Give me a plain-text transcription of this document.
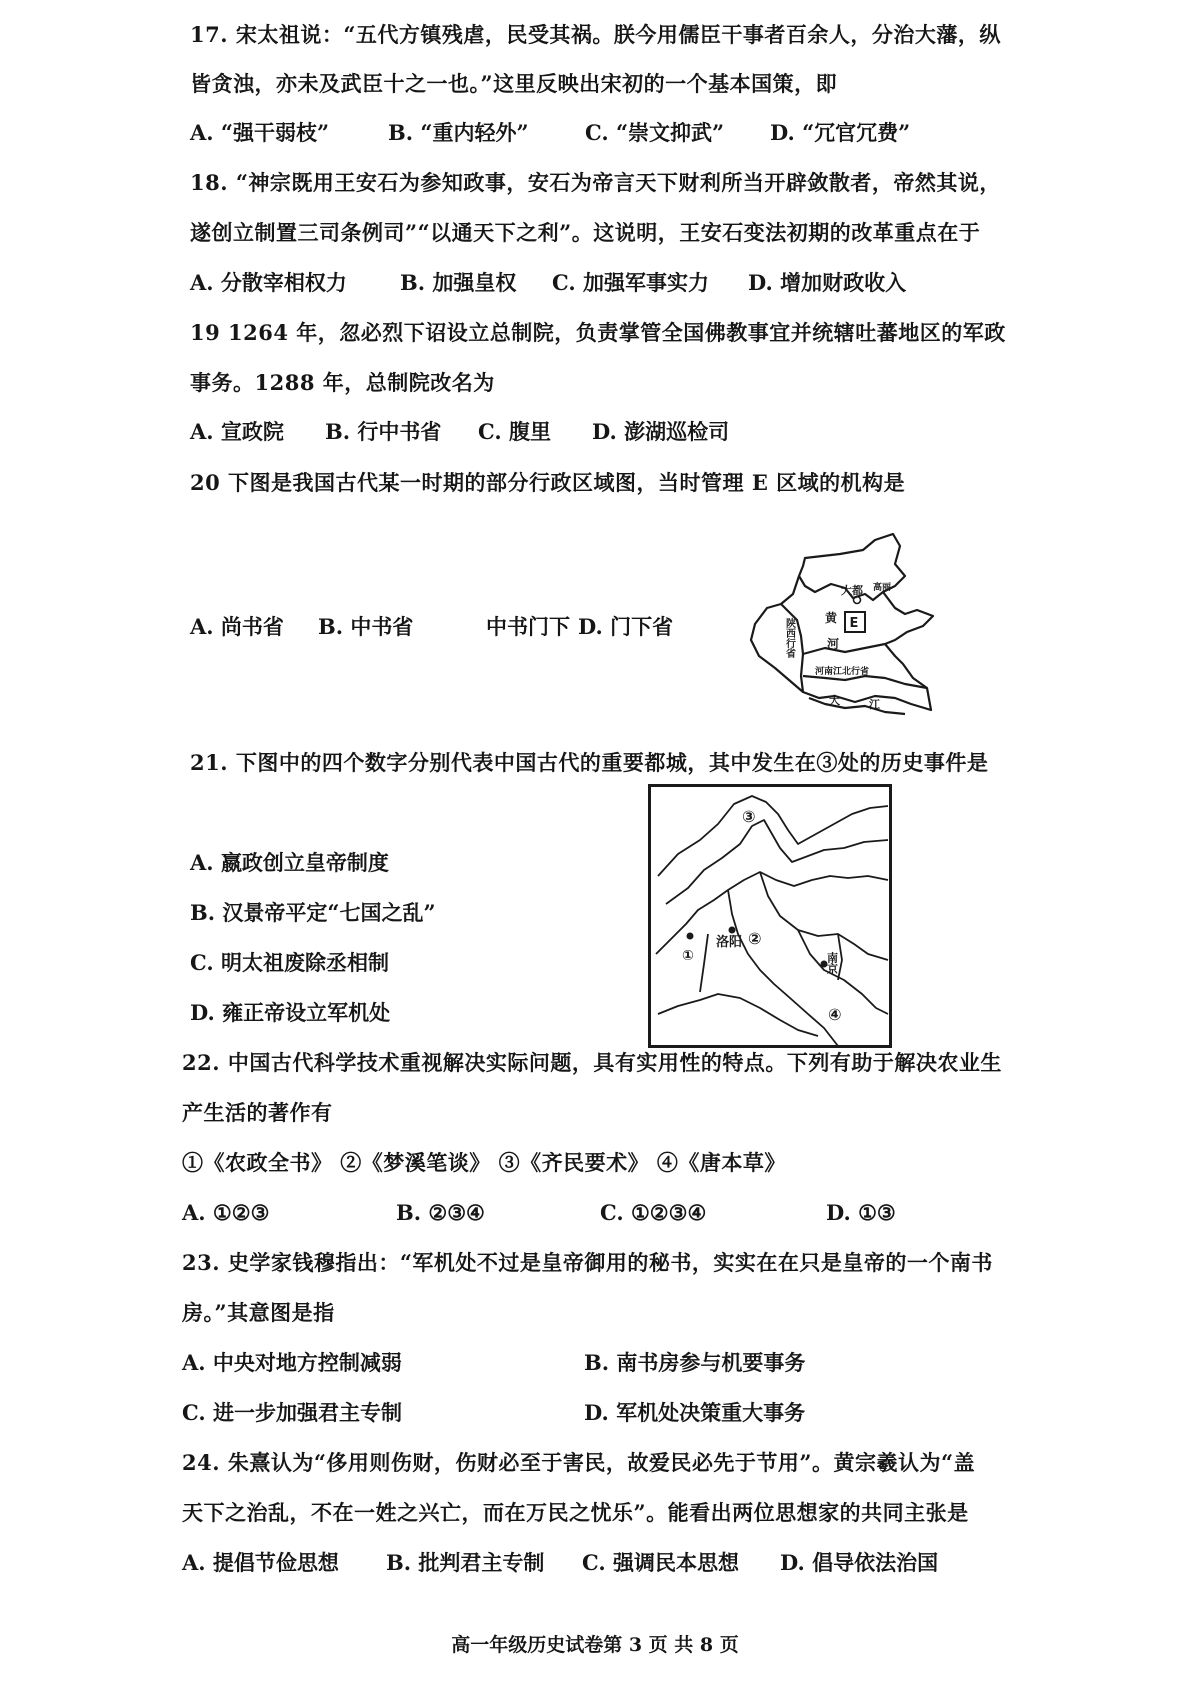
17. 宋太祖说：“五代方镇残虐，民受其祸。朕今用儒臣干事者百余人，分治大藩，纵
皆贪浊，亦未及武臣十之一也。”这里反映出宋初的一个基本国策，即
A. “强干弱枝”	B. “重内轻外”	C. “崇文抑武” D. “冗官冗费”
18. “神宗既用王安石为参知政事，安石为帝言天下财利所当开辟敛散者，帝然其说，
遂创立制置三司条例司”“以通天下之利”。这说明，王安石变法初期的改革重点在于
A. 分散宰相权力	B. 加强皇权 C. 加强军事实力 D. 增加财政收入
19 1264 年，忽必烈下诏设立总制院，负责掌管全国佛教事宜并统辖吐蕃地区的军政
事务。1288 年，总制院改名为
A. 宣政院 B. 行中书省 C. 腹里 D. 澎湖巡检司
20 下图是我国古代某一时期的部分行政区域图，当时管理 E 区域的机构是
A. 尚书省 B. 中书省	中书门下 D. 门下省	E
大都 高丽
黄
河
陕西行省
河南江北行省
大	江
21. 下图中的四个数字分别代表中国古代的重要都城，其中发生在③处的历史事件是
A. 嬴政创立皇帝制度
B. 汉景帝平定“七国之乱”
C. 明太祖废除丞相制
D. 雍正帝设立军机处
③
①
洛阳 ②
南京
④
22. 中国古代科学技术重视解决实际问题，具有实用性的特点。下列有助于解决农业生
产生活的著作有
①《农政全书》 ②《梦溪笔谈》 ③《齐民要术》 ④《唐本草》
A. ①②③	B. ②③④	C. ①②③④	D. ①③
23. 史学家钱穆指出：“军机处不过是皇帝御用的秘书，实实在在只是皇帝的一个南书
房。”其意图是指
A. 中央对地方控制减弱	B. 南书房参与机要事务
C. 进一步加强君主专制	D. 军机处决策重大事务
24. 朱熹认为“侈用则伤财，伤财必至于害民，故爱民必先于节用”。黄宗羲认为“盖
天下之治乱，不在一姓之兴亡，而在万民之忧乐”。能看出两位思想家的共同主张是
A. 提倡节俭思想 B. 批判君主专制 C. 强调民本思想 D. 倡导依法治国
高一年级历史试卷第 3 页 共 8 页
